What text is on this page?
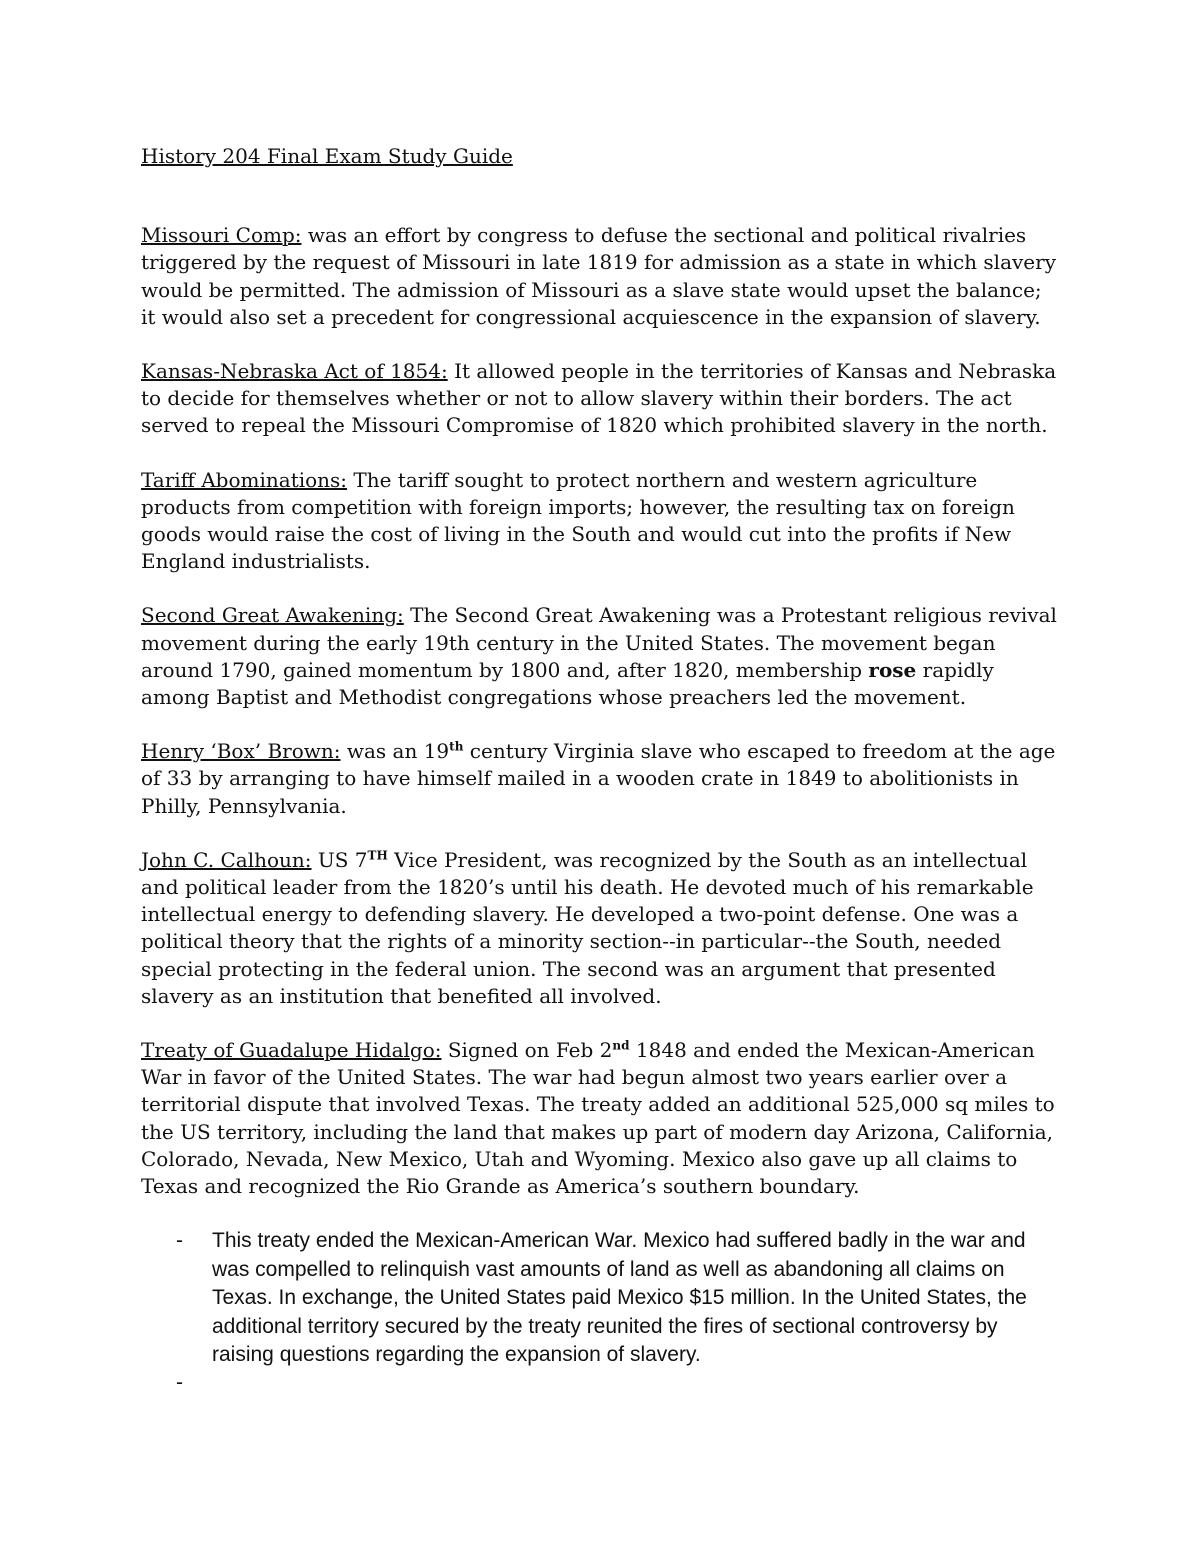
History 204 Final Exam Study Guide

Missouri Comp: was an effort by congress to defuse the sectional and political rivalries triggered by the request of Missouri in late 1819 for admission as a state in which slavery would be permitted. The admission of Missouri as a slave state would upset the balance; it would also set a precedent for congressional acquiescence in the expansion of slavery.

Kansas-Nebraska Act of 1854: It allowed people in the territories of Kansas and Nebraska to decide for themselves whether or not to allow slavery within their borders. The act served to repeal the Missouri Compromise of 1820 which prohibited slavery in the north.

Tariff Abominations: The tariff sought to protect northern and western agriculture products from competition with foreign imports; however, the resulting tax on foreign goods would raise the cost of living in the South and would cut into the profits if New England industrialists.

Second Great Awakening: The Second Great Awakening was a Protestant religious revival movement during the early 19th century in the United States. The movement began around 1790, gained momentum by 1800 and, after 1820, membership rose rapidly among Baptist and Methodist congregations whose preachers led the movement.

Henry ‘Box’ Brown: was an 19th century Virginia slave who escaped to freedom at the age of 33 by arranging to have himself mailed in a wooden crate in 1849 to abolitionists in Philly, Pennsylvania.

John C. Calhoun: US 7TH Vice President, was recognized by the South as an intellectual and political leader from the 1820’s until his death. He devoted much of his remarkable intellectual energy to defending slavery. He developed a two-point defense. One was a political theory that the rights of a minority section--in particular--the South, needed special protecting in the federal union. The second was an argument that presented slavery as an institution that benefited all involved.

Treaty of Guadalupe Hidalgo: Signed on Feb 2nd 1848 and ended the Mexican-American War in favor of the United States. The war had begun almost two years earlier over a territorial dispute that involved Texas. The treaty added an additional 525,000 sq miles to the US territory, including the land that makes up part of modern day Arizona, California, Colorado, Nevada, New Mexico, Utah and Wyoming. Mexico also gave up all claims to Texas and recognized the Rio Grande as America’s southern boundary.

- This treaty ended the Mexican-American War. Mexico had suffered badly in the war and was compelled to relinquish vast amounts of land as well as abandoning all claims on Texas. In exchange, the United States paid Mexico $15 million. In the United States, the additional territory secured by the treaty reunited the fires of sectional controversy by raising questions regarding the expansion of slavery.
-
